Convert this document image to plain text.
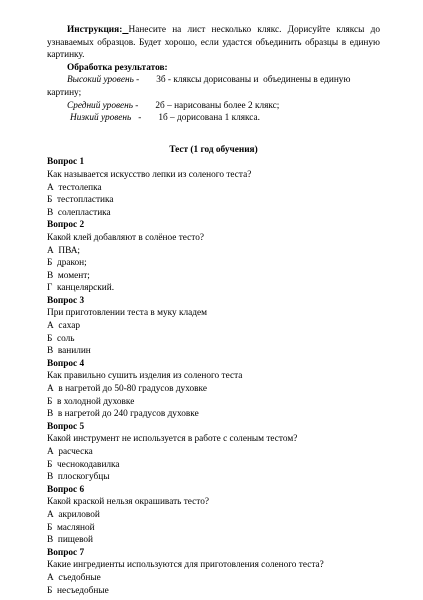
Инструкция: Нанесите на лист несколько клякс. Дорисуйте кляксы до узнаваемых образцов. Будет хорошо, если удастся объединить образцы в единую картинку.

Обработка результатов:

Высокий уровень - 3б - кляксы дорисованы и  объединены в единую

картину;

Средний уровень - 2б – нарисованы более 2 клякс;

Низкий уровень   - 1б – дорисована 1 клякса.

Тест (1 год обучения)

Вопрос 1

Как называется искусство лепки из соленого теста?

А  тестолепка

Б  тестопластика

В  солепластика

Вопрос 2

Какой клей добавляют в солёное тесто?

А  ПВА;

Б  дракон;

В  момент;

Г  канцелярский.

Вопрос 3

При приготовлении теста в муку кладем

А  сахар

Б  соль

В  ванилин

Вопрос 4

Как правильно сушить изделия из соленого теста

А  в нагретой до 50-80 градусов духовке

Б  в холодной духовке

В  в нагретой до 240 градусов духовке

Вопрос 5

Какой инструмент не используется в работе с соленым тестом?

А  расческа

Б  чеснокодавилка

В  плоскогубцы

Вопрос 6

Какой краской нельзя окрашивать тесто?

А  акриловой

Б  масляной

В  пищевой

Вопрос 7

Какие ингредиенты используются для приготовления соленого теста?

А  съедобные

Б  несъедобные
